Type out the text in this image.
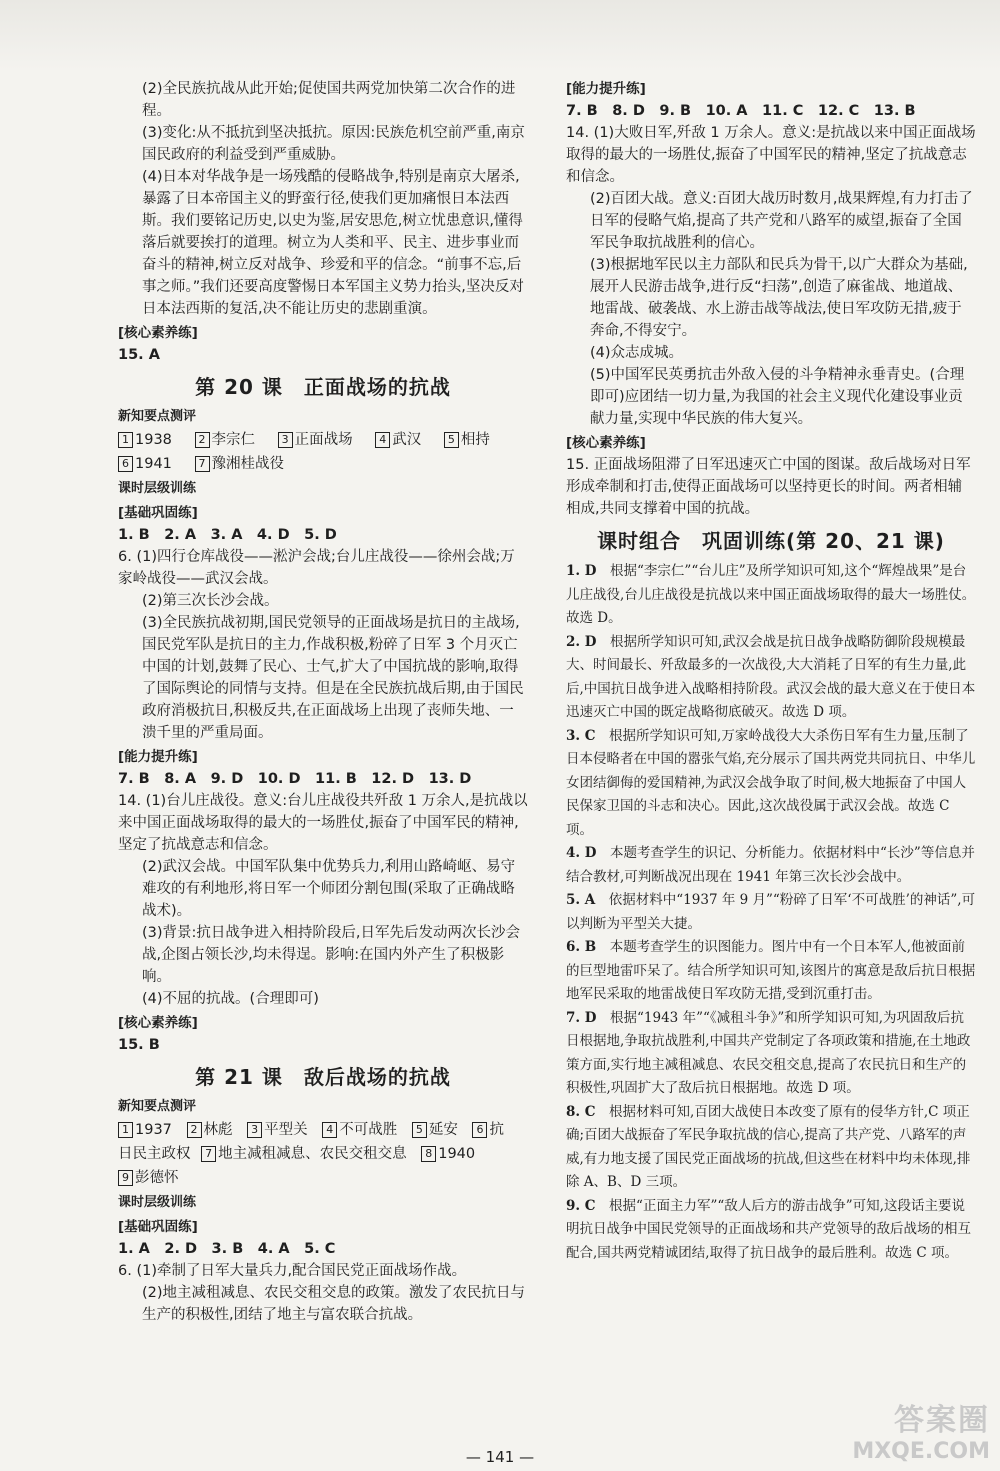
(2)全民族抗战从此开始;促使国共两党加快第二次合作的进程。

(3)变化:从不抵抗到坚决抵抗。原因:民族危机空前严重,南京国民政府的利益受到严重威胁。

(4)日本对华战争是一场残酷的侵略战争,特别是南京大屠杀,暴露了日本帝国主义的野蛮行径,使我们更加痛恨日本法西斯。我们要铭记历史,以史为鉴,居安思危,树立忧患意识,懂得落后就要挨打的道理。树立为人类和平、民主、进步事业而奋斗的精神,树立反对战争、珍爱和平的信念。“前事不忘,后事之师。”我们还要高度警惕日本军国主义势力抬头,坚决反对日本法西斯的复活,决不能让历史的悲剧重演。

[核心素养练]

15. A

第 20 课　正面战场的抗战

新知要点测评

1 1938 2 李宗仁 3 正面战场 4 武汉 5 相持

6 1941 7 豫湘桂战役

课时层级训练

[基础巩固练]

1. B　2. A　3. A　4. D　5. D

6. (1)四行仓库战役——淞沪会战;台儿庄战役——徐州会战;万家岭战役——武汉会战。

(2)第三次长沙会战。

(3)全民族抗战初期,国民党领导的正面战场是抗日的主战场,国民党军队是抗日的主力,作战积极,粉碎了日军 3 个月灭亡中国的计划,鼓舞了民心、士气,扩大了中国抗战的影响,取得了国际舆论的同情与支持。但是在全民族抗战后期,由于国民政府消极抗日,积极反共,在正面战场上出现了丧师失地、一溃千里的严重局面。

[能力提升练]

7. B　8. A　9. D　10. D　11. B　12. D　13. D

14. (1)台儿庄战役。意义:台儿庄战役共歼敌 1 万余人,是抗战以来中国正面战场取得的最大的一场胜仗,振奋了中国军民的精神,坚定了抗战意志和信念。

(2)武汉会战。中国军队集中优势兵力,利用山路崎岖、易守难攻的有利地形,将日军一个师团分割包围(采取了正确战略战术)。

(3)背景:抗日战争进入相持阶段后,日军先后发动两次长沙会战,企图占领长沙,均未得逞。影响:在国内外产生了积极影响。

(4)不屈的抗战。(合理即可)

[核心素养练]

15. B

第 21 课　敌后战场的抗战

新知要点测评

1 1937 2 林彪 3 平型关 4 不可战胜 5 延安 6 抗

日民主政权 7 地主减租减息、农民交租交息 8 1940

9 彭德怀

课时层级训练

[基础巩固练]

1. A　2. D　3. B　4. A　5. C

6. (1)牵制了日军大量兵力,配合国民党正面战场作战。

(2)地主减租减息、农民交租交息的政策。激发了农民抗日与生产的积极性,团结了地主与富农联合抗战。

[能力提升练]

7. B　8. D　9. B　10. A　11. C　12. C　13. B

14. (1)大败日军,歼敌 1 万余人。意义:是抗战以来中国正面战场取得的最大的一场胜仗,振奋了中国军民的精神,坚定了抗战意志和信念。

(2)百团大战。意义:百团大战历时数月,战果辉煌,有力打击了日军的侵略气焰,提高了共产党和八路军的威望,振奋了全国军民争取抗战胜利的信心。

(3)根据地军民以主力部队和民兵为骨干,以广大群众为基础,展开人民游击战争,进行反“扫荡”,创造了麻雀战、地道战、地雷战、破袭战、水上游击战等战法,使日军攻防无措,疲于奔命,不得安宁。

(4)众志成城。

(5)中国军民英勇抗击外敌入侵的斗争精神永垂青史。(合理即可)应团结一切力量,为我国的社会主义现代化建设事业贡献力量,实现中华民族的伟大复兴。

[核心素养练]

15. 正面战场阻滞了日军迅速灭亡中国的图谋。敌后战场对日军形成牵制和打击,使得正面战场可以坚持更长的时间。两者相辅相成,共同支撑着中国的抗战。

课时组合　巩固训练(第 20、21 课)

1. D　 根据“李宗仁”“台儿庄”及所学知识可知,这个“辉煌战果”是台儿庄战役,台儿庄战役是抗战以来中国正面战场取得的最大一场胜仗。故选 D。

2. D　 根据所学知识可知,武汉会战是抗日战争战略防御阶段规模最大、时间最长、歼敌最多的一次战役,大大消耗了日军的有生力量,此后,中国抗日战争进入战略相持阶段。武汉会战的最大意义在于使日本迅速灭亡中国的既定战略彻底破灭。故选 D 项。

3. C　 根据所学知识可知,万家岭战役大大杀伤日军有生力量,压制了日本侵略者在中国的嚣张气焰,充分展示了国共两党共同抗日、中华儿女团结御侮的爱国精神,为武汉会战争取了时间,极大地振奋了中国人民保家卫国的斗志和决心。因此,这次战役属于武汉会战。故选 C 项。

4. D　 本题考查学生的识记、分析能力。依据材料中“长沙”等信息并结合教材,可判断战况出现在 1941 年第三次长沙会战中。

5. A　 依据材料中“1937 年 9 月”“粉碎了日军‘不可战胜’的神话”,可以判断为平型关大捷。

6. B　 本题考查学生的识图能力。图片中有一个日本军人,他被面前的巨型地雷吓呆了。结合所学知识可知,该图片的寓意是敌后抗日根据地军民采取的地雷战使日军攻防无措,受到沉重打击。

7. D　 根据“1943 年”“《减租斗争》”和所学知识可知,为巩固敌后抗日根据地,争取抗战胜利,中国共产党制定了各项政策和措施,在土地政策方面,实行地主减租减息、农民交租交息,提高了农民抗日和生产的积极性,巩固扩大了敌后抗日根据地。故选 D 项。

8. C　 根据材料可知,百团大战使日本改变了原有的侵华方针,C 项正确;百团大战振奋了军民争取抗战的信心,提高了共产党、八路军的声威,有力地支援了国民党正面战场的抗战,但这些在材料中均未体现,排除 A、B、D 三项。

9. C　 根据“正面主力军”“敌人后方的游击战争”可知,这段话主要说明抗日战争中国民党领导的正面战场和共产党领导的敌后战场的相互配合,国共两党精诚团结,取得了抗日战争的最后胜利。故选 C 项。

— 141 —
答案圈
MXQE.COM
